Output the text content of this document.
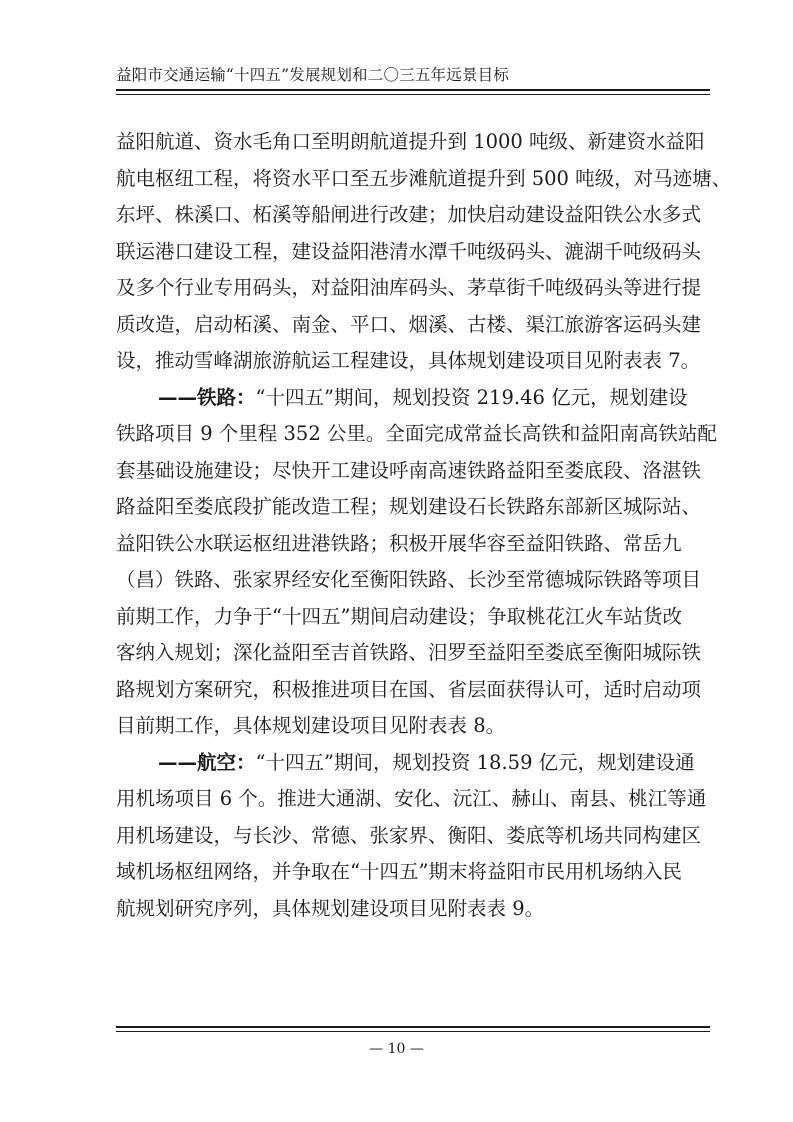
益阳市交通运输“十四五”发展规划和二〇三五年远景目标
益阳航道、资水毛角口至明朗航道提升到 1000 吨级、新建资水益阳
航电枢纽工程，将资水平口至五步滩航道提升到 500 吨级，对马迹塘、
东坪、株溪口、柘溪等船闸进行改建；加快启动建设益阳铁公水多式
联运港口建设工程，建设益阳港清水潭千吨级码头、漉湖千吨级码头
及多个行业专用码头，对益阳油库码头、茅草街千吨级码头等进行提
质改造，启动柘溪、南金、平口、烟溪、古楼、渠江旅游客运码头建
设，推动雪峰湖旅游航运工程建设，具体规划建设项目见附表表 7。
——铁路：“十四五”期间，规划投资 219.46 亿元，规划建设
铁路项目 9 个里程 352 公里。全面完成常益长高铁和益阳南高铁站配
套基础设施建设；尽快开工建设呼南高速铁路益阳至娄底段、洛湛铁
路益阳至娄底段扩能改造工程；规划建设石长铁路东部新区城际站、
益阳铁公水联运枢纽进港铁路；积极开展华容至益阳铁路、常岳九
（昌）铁路、张家界经安化至衡阳铁路、长沙至常德城际铁路等项目
前期工作，力争于“十四五”期间启动建设；争取桃花江火车站货改
客纳入规划；深化益阳至吉首铁路、汨罗至益阳至娄底至衡阳城际铁
路规划方案研究，积极推进项目在国、省层面获得认可，适时启动项
目前期工作，具体规划建设项目见附表表 8。
——航空：“十四五”期间，规划投资 18.59 亿元，规划建设通
用机场项目 6 个。推进大通湖、安化、沅江、赫山、南县、桃江等通
用机场建设，与长沙、常德、张家界、衡阳、娄底等机场共同构建区
域机场枢纽网络，并争取在“十四五”期末将益阳市民用机场纳入民
航规划研究序列，具体规划建设项目见附表表 9。
— 10 —
